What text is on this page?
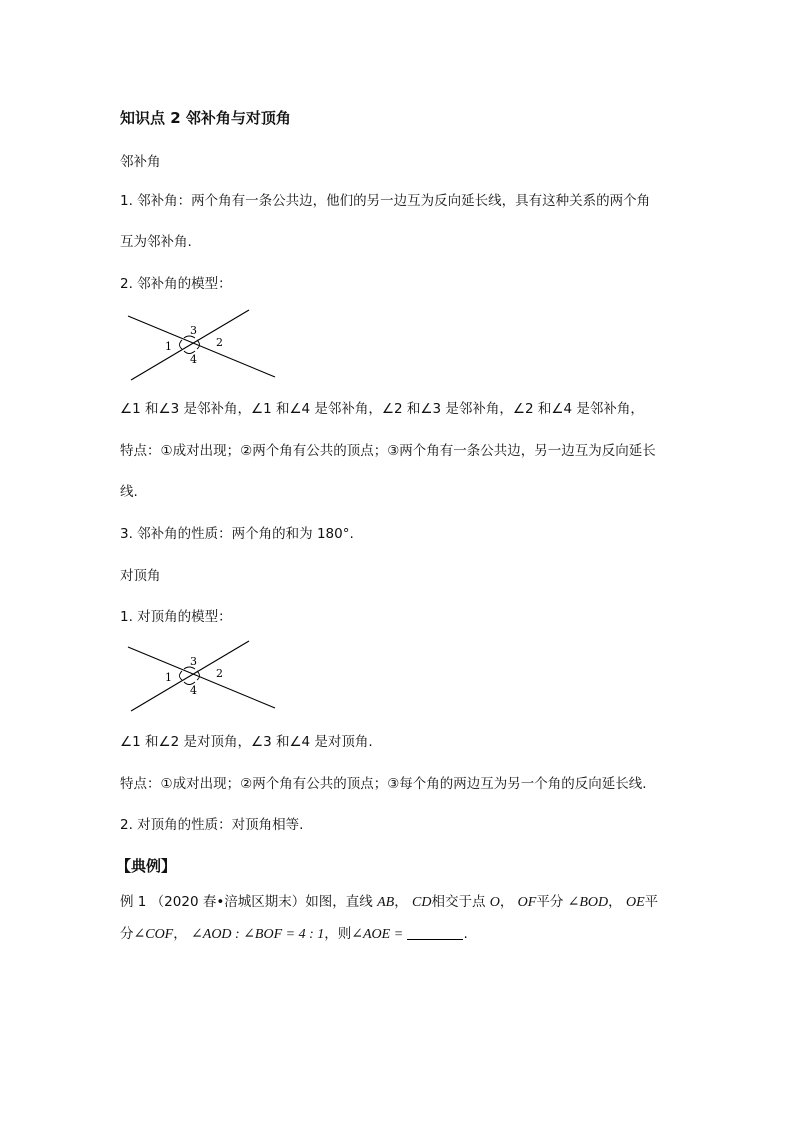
知识点 2 邻补角与对顶角
邻补角
1. 邻补角：两个角有一条公共边，他们的另一边互为反向延长线，具有这种关系的两个角
互为邻补角.
2. 邻补角的模型：
1	2
3
4
∠1 和∠3 是邻补角，∠1 和∠4 是邻补角，∠2 和∠3 是邻补角，∠2 和∠4 是邻补角，
特点：①成对出现；②两个角有公共的顶点；③两个角有一条公共边，另一边互为反向延长
线.
3. 邻补角的性质：两个角的和为 180°.
对顶角
1. 对顶角的模型：
1	2
3
4
∠1 和∠2 是对顶角，∠3 和∠4 是对顶角.
特点：①成对出现；②两个角有公共的顶点；③每个角的两边互为另一个角的反向延长线.
2. 对顶角的性质：对顶角相等.
【典例】
例 1 （2020 春•涪城区期末）如图，直线 AB， CD相交于点 O， OF平分 ∠BOD， OE平
分∠COF， ∠AOD : ∠BOF = 4 : 1，则∠AOE =	.
